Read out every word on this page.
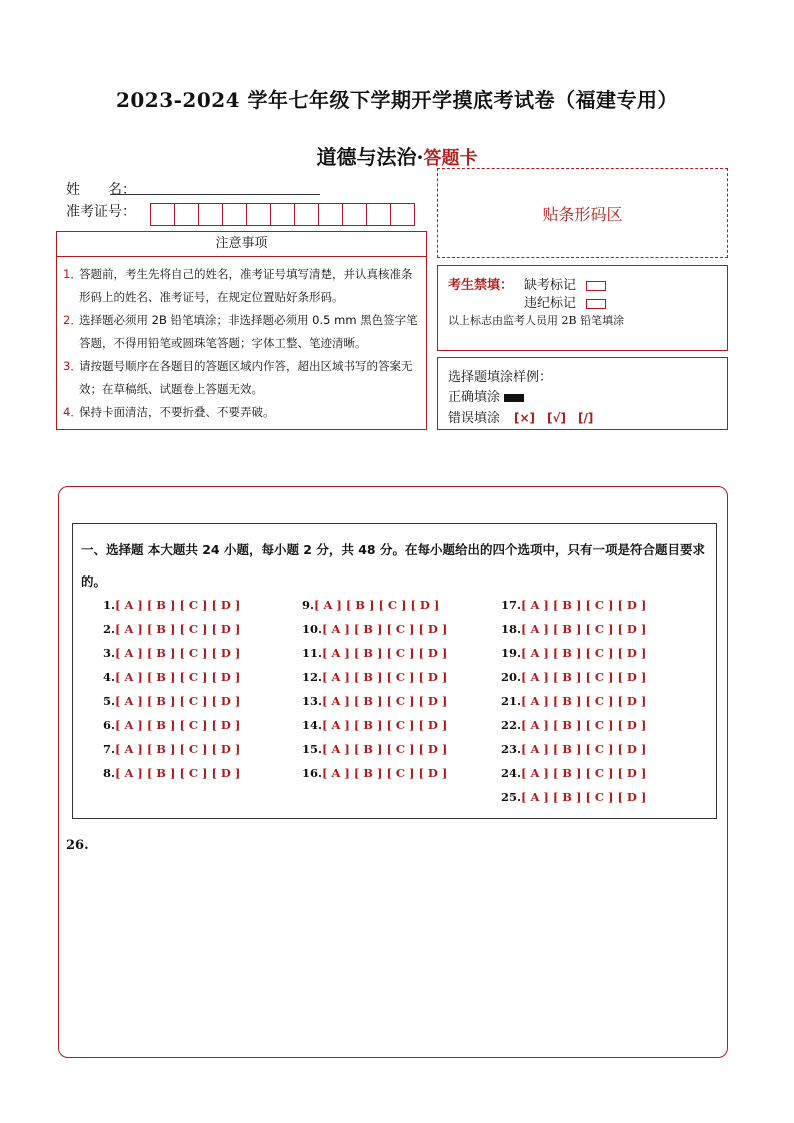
2023-2024 学年七年级下学期开学摸底考试卷（福建专用）
道德与法治·答题卡
姓　　名：
准考证号：	贴条形码区
注意事项
1．
答题前，考生先将自己的姓名，准考证号填写清楚，并认真核准条形码上的姓名、准考证号，在规定位置贴好条形码。
2．
选择题必须用 2B 铅笔填涂；非选择题必须用 0.5 mm 黑色签字笔答题，不得用铅笔或圆珠笔答题；字体工整、笔迹清晰。
3．
请按题号顺序在各题目的答题区域内作答，超出区域书写的答案无效；在草稿纸、试题卷上答题无效。
4．
保持卡面清洁，不要折叠、不要弄破。
考生禁填： 缺考标记
违纪标记
以上标志由监考人员用 2B 铅笔填涂
选择题填涂样例：
正确填涂
错误填涂 [×]　[√]　[/]
一、选择题 本大题共 24 小题，每小题 2 分，共 48 分。在每小题给出的四个选项中，只有一项是符合题目要求的。
1.[ A ] [ B ] [ C ] [ D ]
2.[ A ] [ B ] [ C ] [ D ]
3.[ A ] [ B ] [ C ] [ D ]
4.[ A ] [ B ] [ C ] [ D ]
5.[ A ] [ B ] [ C ] [ D ]
6.[ A ] [ B ] [ C ] [ D ]
7.[ A ] [ B ] [ C ] [ D ]
8.[ A ] [ B ] [ C ] [ D ]
9.[ A ] [ B ] [ C ] [ D ]
10.[ A ] [ B ] [ C ] [ D ]
11.[ A ] [ B ] [ C ] [ D ]
12.[ A ] [ B ] [ C ] [ D ]
13.[ A ] [ B ] [ C ] [ D ]
14.[ A ] [ B ] [ C ] [ D ]
15.[ A ] [ B ] [ C ] [ D ]
16.[ A ] [ B ] [ C ] [ D ]
17.[ A ] [ B ] [ C ] [ D ]
18.[ A ] [ B ] [ C ] [ D ]
19.[ A ] [ B ] [ C ] [ D ]
20.[ A ] [ B ] [ C ] [ D ]
21.[ A ] [ B ] [ C ] [ D ]
22.[ A ] [ B ] [ C ] [ D ]
23.[ A ] [ B ] [ C ] [ D ]
24.[ A ] [ B ] [ C ] [ D ]
25.[ A ] [ B ] [ C ] [ D ]
26.
